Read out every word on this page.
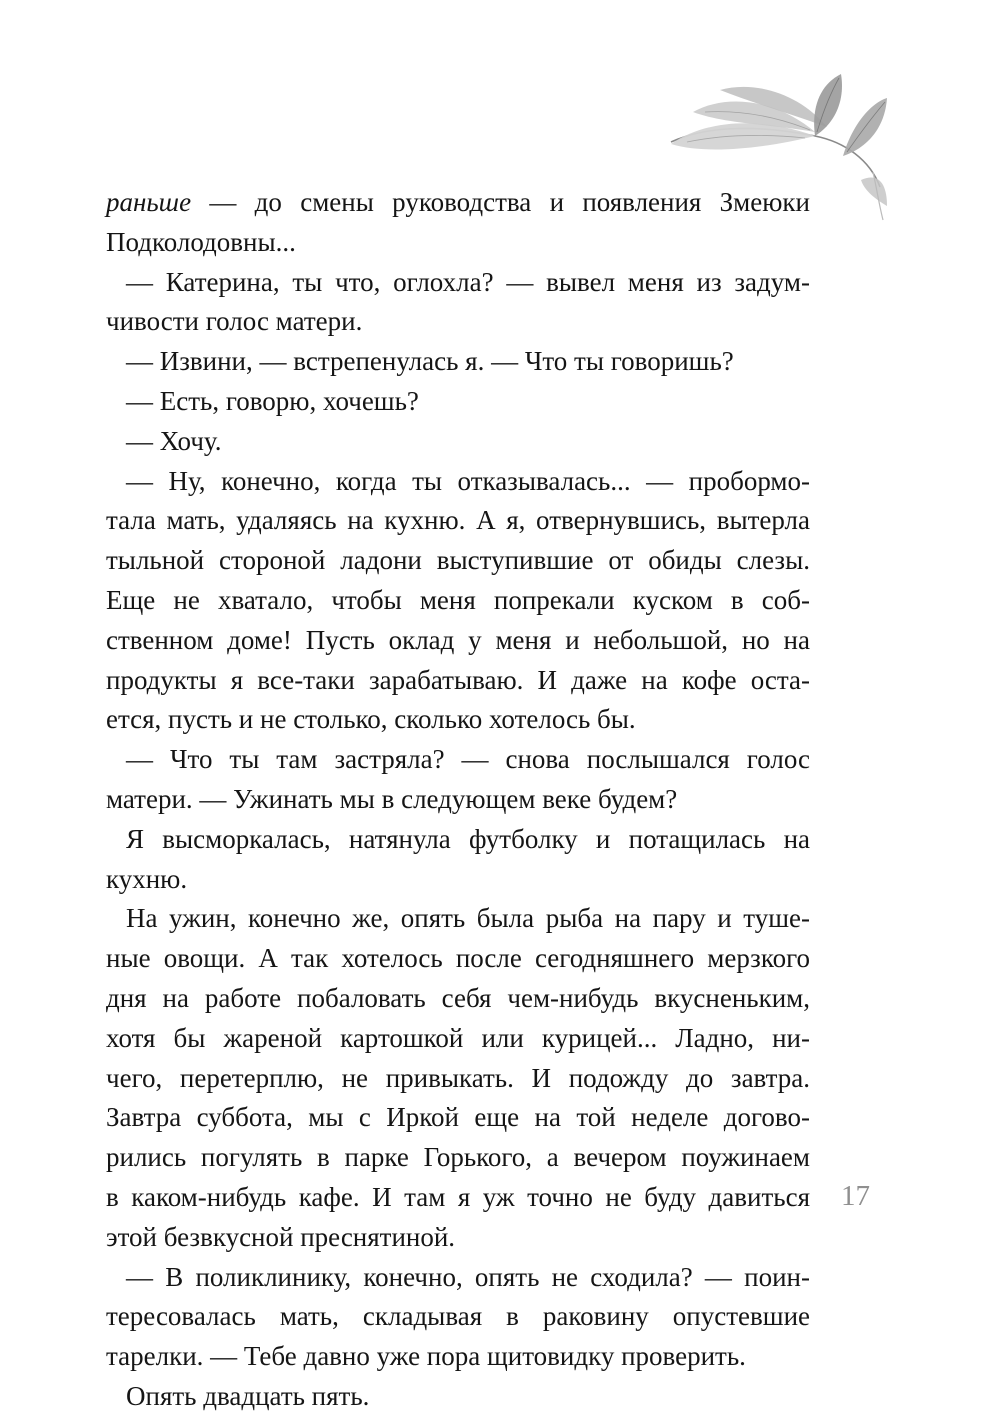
раньше — до смены руководства и появления Змеюки
Подколодовны...
— Катерина, ты что, оглохла? — вывел меня из задум-
чивости голос матери.
— Извини, — встрепенулась я. — Что ты говоришь?
— Есть, говорю, хочешь?
— Хочу.
— Ну, конечно, когда ты отказывалась... — пробормо-
тала мать, удаляясь на кухню. А я, отвернувшись, вытерла
тыльной стороной ладони выступившие от обиды слезы.
Еще не хватало, чтобы меня попрекали куском в соб-
ственном доме! Пусть оклад у меня и небольшой, но на
продукты я все-таки зарабатываю. И даже на кофе оста-
ется, пусть и не столько, сколько хотелось бы.
— Что ты там застряла? — снова послышался голос
матери. — Ужинать мы в следующем веке будем?
Я высморкалась, натянула футболку и потащилась на
кухню.
На ужин, конечно же, опять была рыба на пару и туше-
ные овощи. А так хотелось после сегодняшнего мерзкого
дня на работе побаловать себя чем-нибудь вкусненьким,
хотя бы жареной картошкой или курицей... Ладно, ни-
чего, перетерплю, не привыкать. И подожду до завтра.
Завтра суббота, мы с Иркой еще на той неделе догово-
рились погулять в парке Горького, а вечером поужинаем
в каком-нибудь кафе. И там я уж точно не буду давиться
этой безвкусной преснятиной.
— В поликлинику, конечно, опять не сходила? — поин-
тересовалась мать, складывая в раковину опустевшие
тарелки. — Тебе давно уже пора щитовидку проверить.
Опять двадцать пять.
17
